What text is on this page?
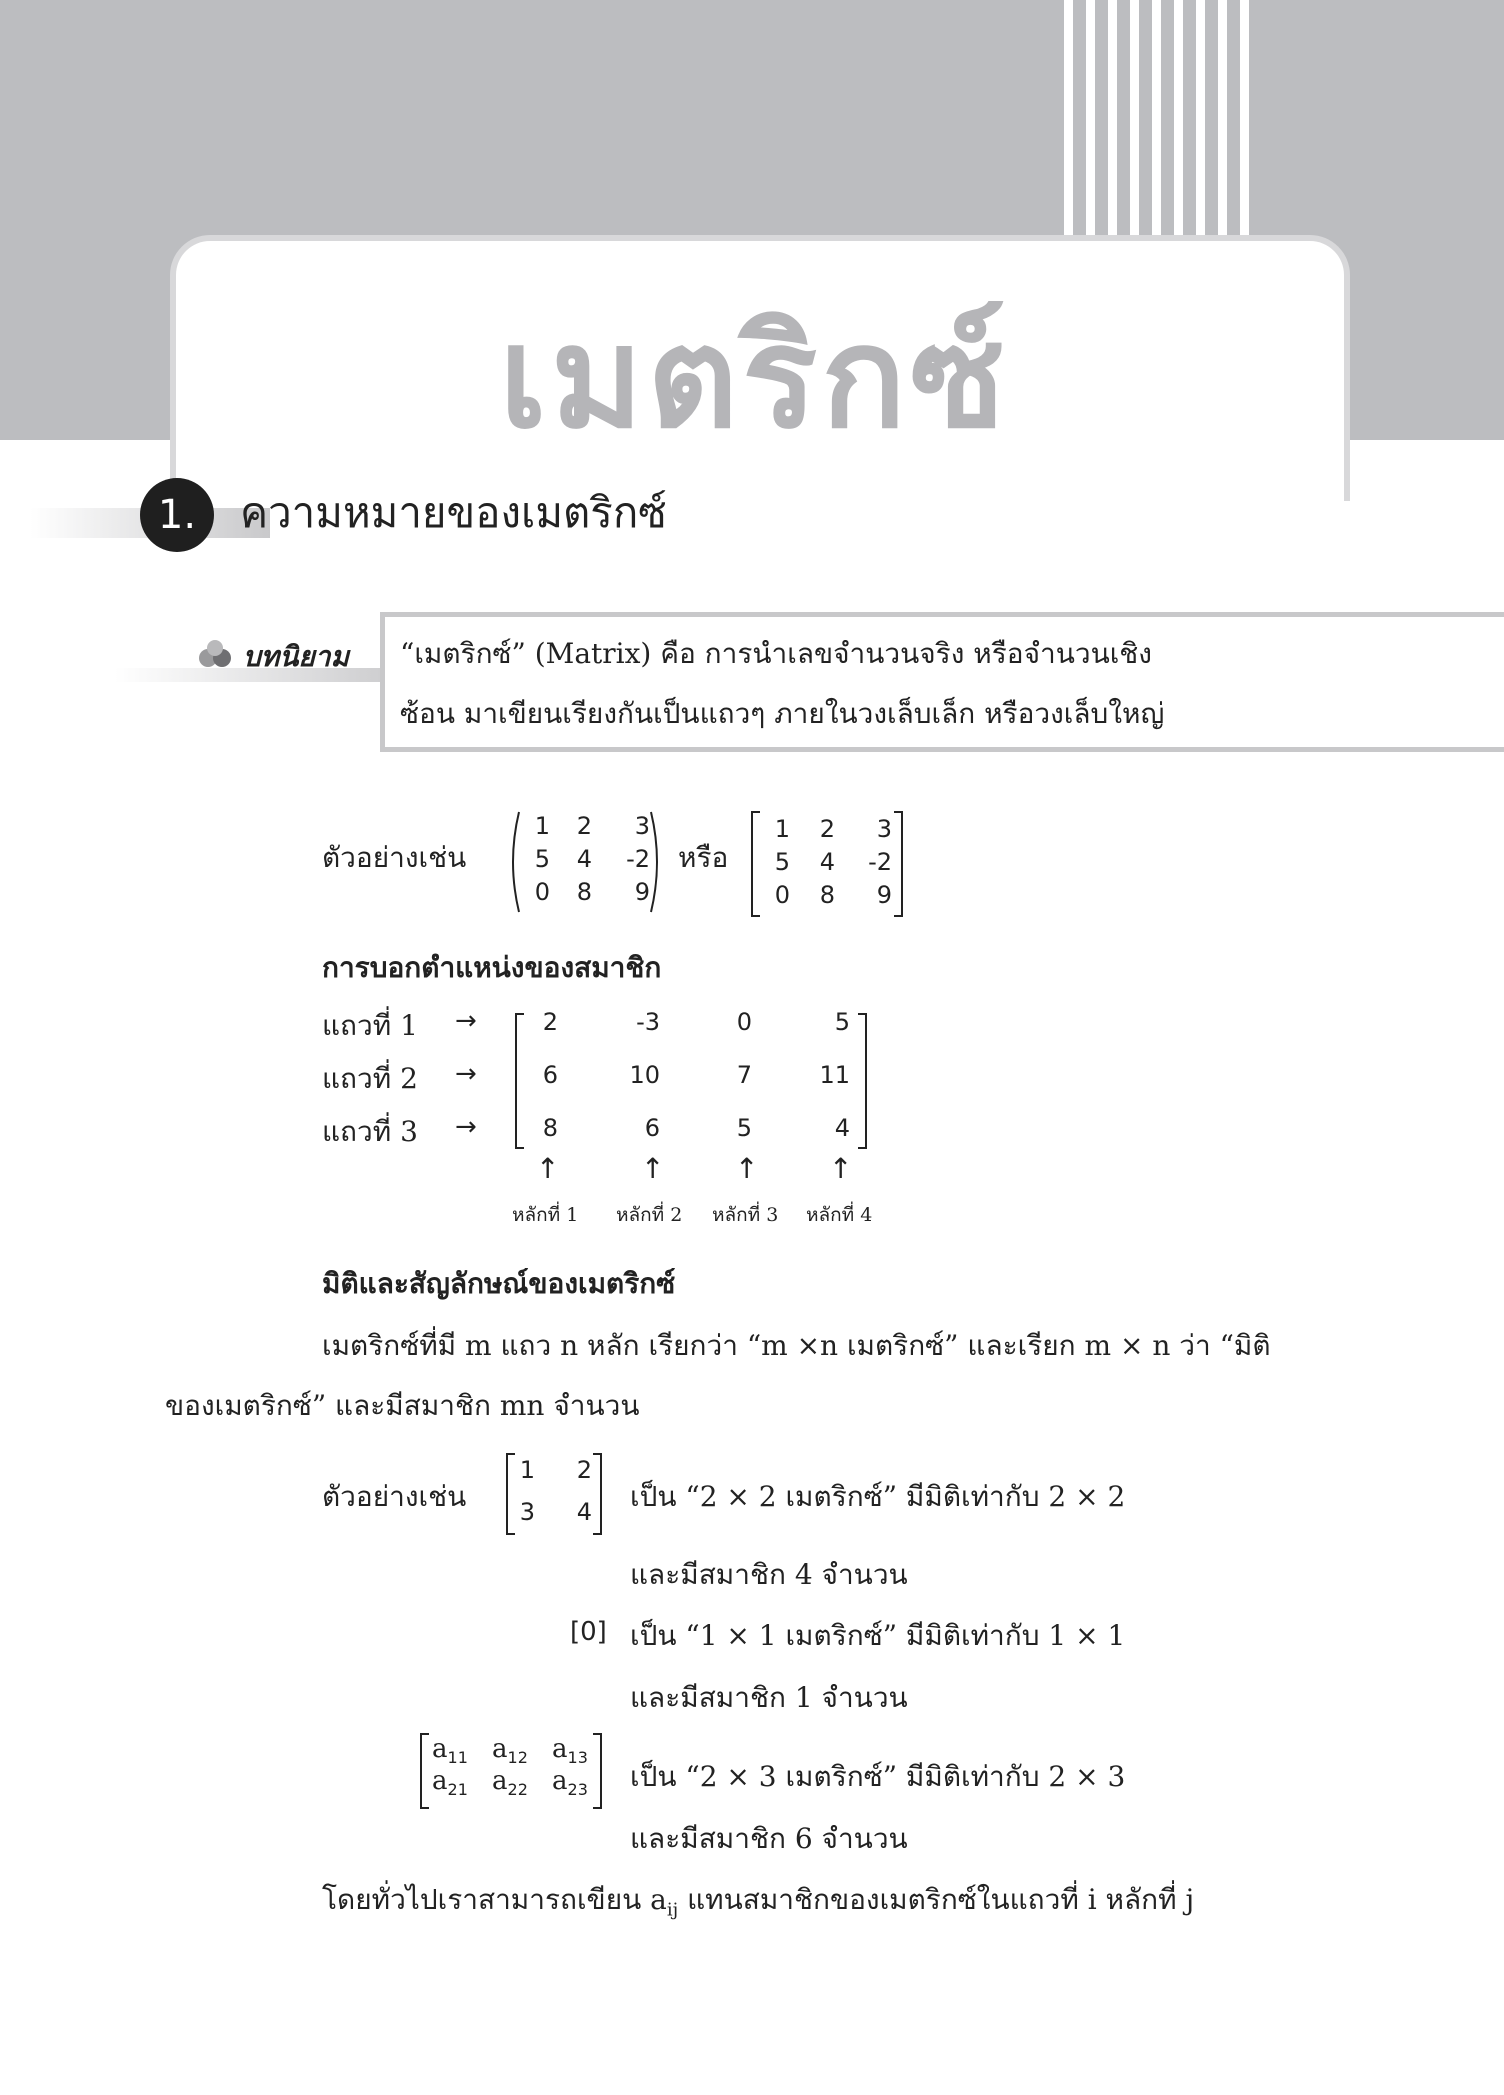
เมตริกซ์
1.	ความหมายของเมตริกซ์
บทนิยาม “เมตริกซ์” (Matrix) คือ การนำเลขจำนวนจริง หรือจำนวนเชิง
ซ้อน มาเขียนเรียงกันเป็นแถวๆ ภายในวงเล็บเล็ก หรือวงเล็บใหญ่
ตัวอย่างเช่น
1	2	3
5	4	-2
0	8	9
หรือ
1	2	3
5	4	-2
0	8	9
การบอกตำแหน่งของสมาชิก
แถวที่ 1
แถวที่ 2
แถวที่ 3
→
→
→
2	-3	0	5
6	10	7	11
8	6	5	4
↑	↑	↑	↑
หลักที่ 1 หลักที่ 2 หลักที่ 3 หลักที่ 4
มิติและสัญลักษณ์ของเมตริกซ์
เมตริกซ์ที่มี m แถว n หลัก เรียกว่า “m ×n เมตริกซ์” และเรียก m × n ว่า “มิติ
ของเมตริกซ์” และมีสมาชิก mn จำนวน
ตัวอย่างเช่น
1 2
3 4 เป็น “2 × 2 เมตริกซ์” มีมิติเท่ากับ 2 × 2
และมีสมาชิก 4 จำนวน
[0] เป็น “1 × 1 เมตริกซ์” มีมิติเท่ากับ 1 × 1
และมีสมาชิก 1 จำนวน
$a_{11}$ $a_{12}$ $a_{13}$
$a_{21}$ $a_{22}$ $a_{23}$ เป็น “2 × 3 เมตริกซ์” มีมิติเท่ากับ 2 × 3
และมีสมาชิก 6 จำนวน
โดยทั่วไปเราสามารถเขียน $a_{ij}$ แทนสมาชิกของเมตริกซ์ในแถวที่ i หลักที่ j
